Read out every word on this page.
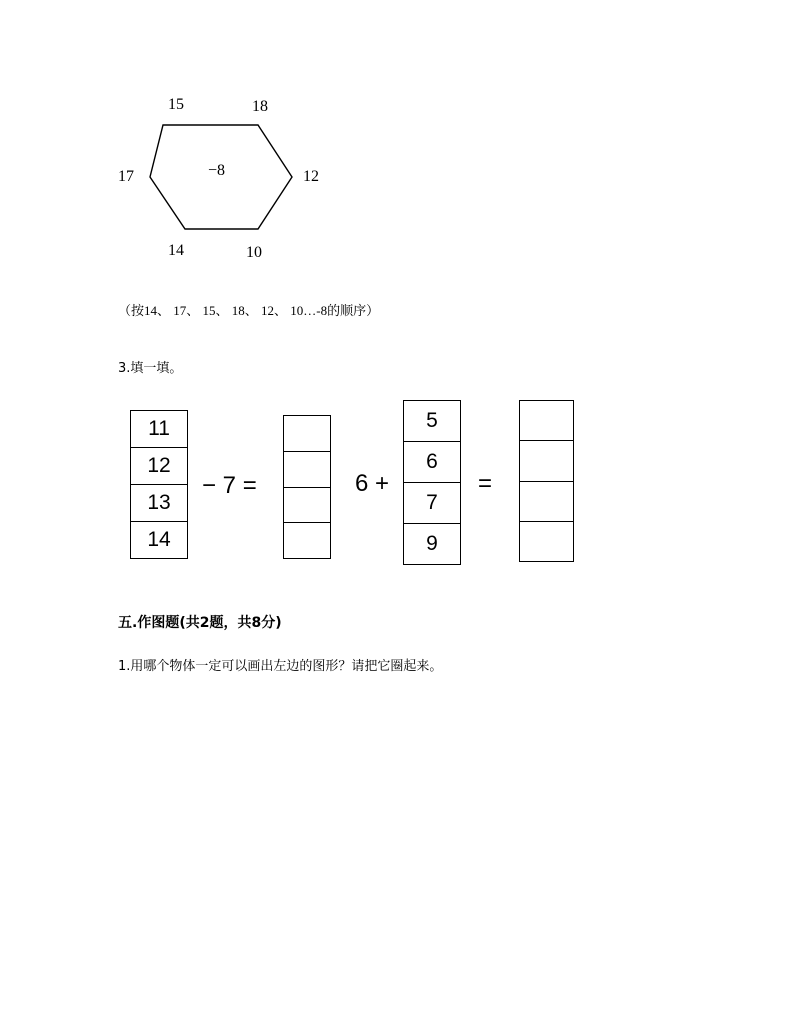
−8
15	18
17	12
14	10
（按14、 17、 15、 18、 12、 10…-8的顺序）
3.填一填。
11
12
13
14
− 7 =	6 +
5
6
7
9
=
五.作图题(共2题，共8分)
1.用哪个物体一定可以画出左边的图形？请把它圈起来。
